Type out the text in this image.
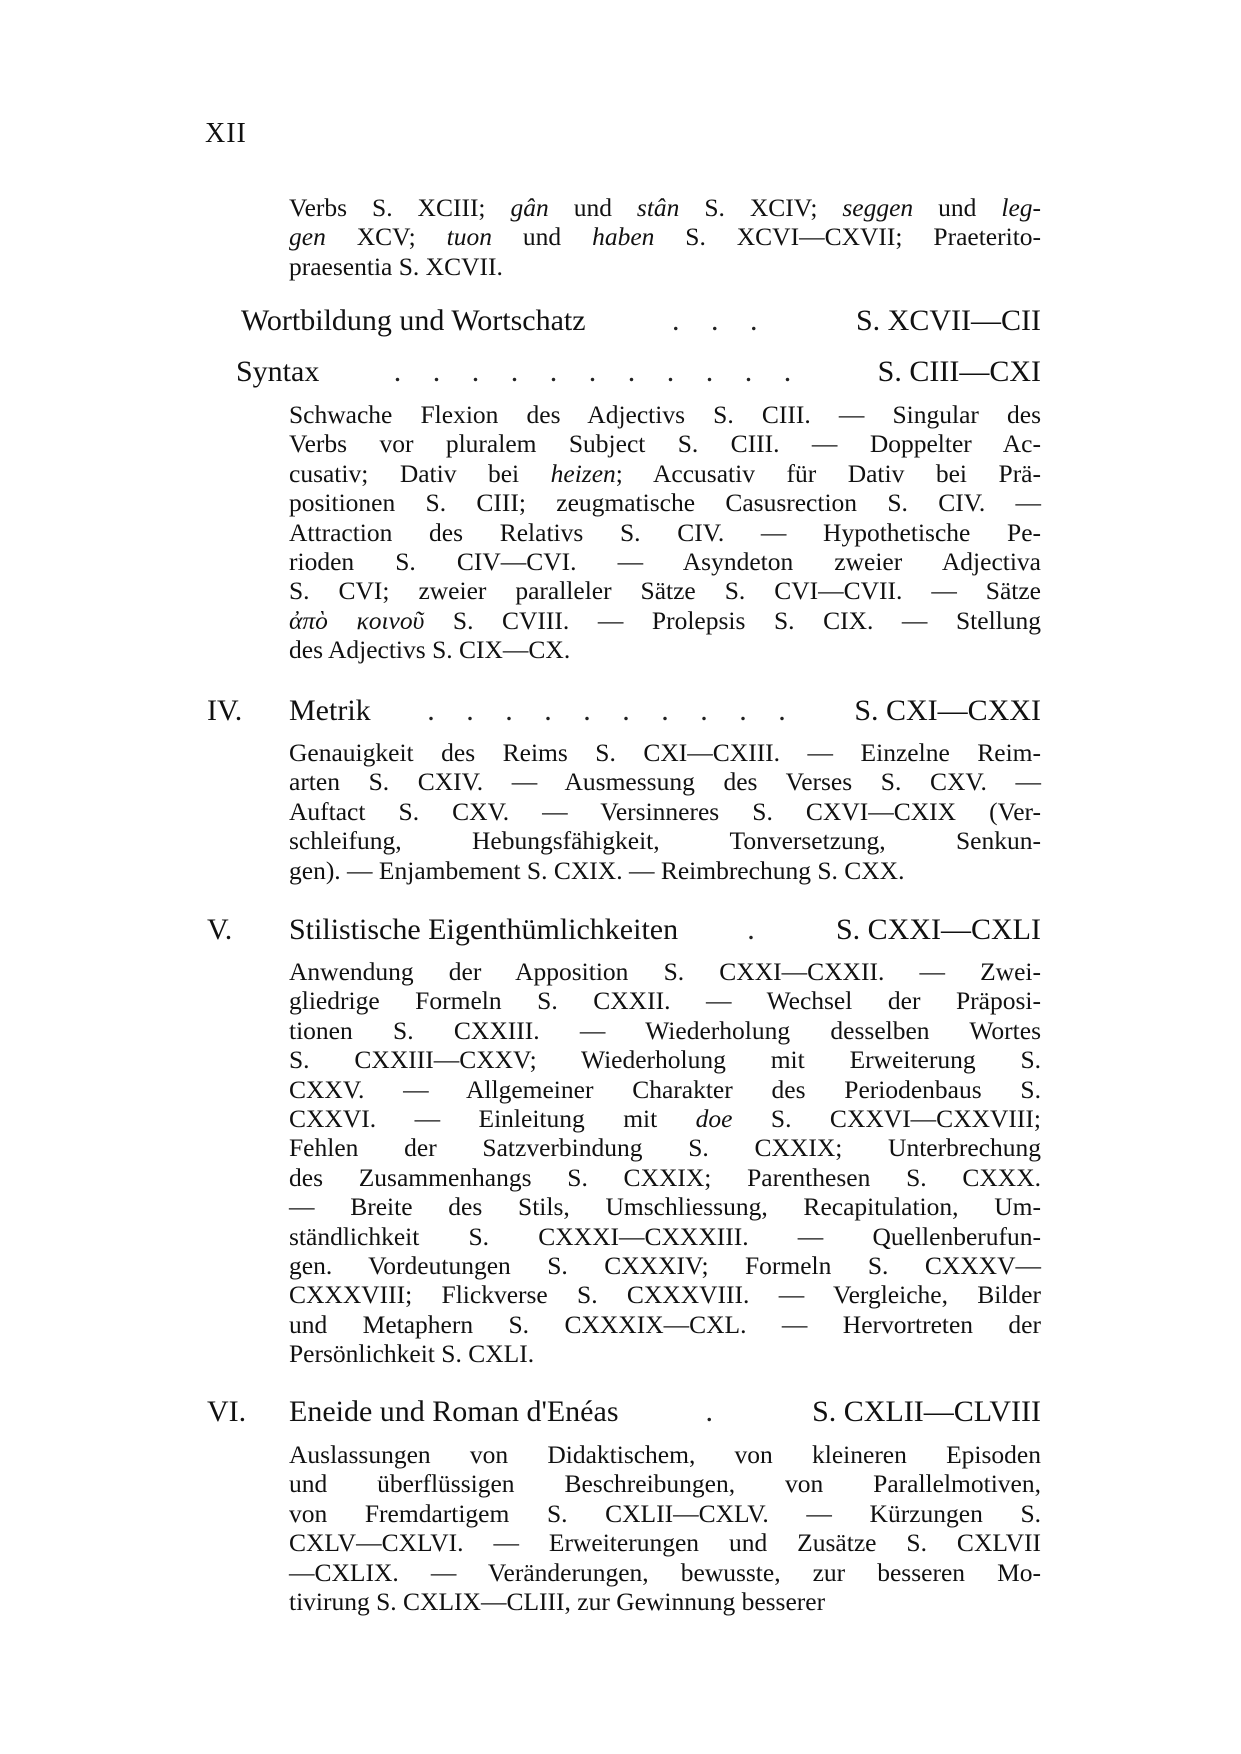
XII
Verbs S. XCIII; gân und stân S. XCIV; seggen und leg-
gen XCV; tuon und haben S. XCVI—CXVII; Praeterito-
praesentia S. XCVII.
Wortbildung und Wortschatz	. . .	S. XCVII—CII
Syntax	. . . . . . . . . . .	S. CIII—CXI
Schwache Flexion des Adjectivs S. CIII. — Singular des
Verbs vor pluralem Subject S. CIII. — Doppelter Ac-
cusativ; Dativ bei heizen; Accusativ für Dativ bei Prä-
positionen S. CIII; zeugmatische Casusrection S. CIV. —
Attraction des Relativs S. CIV. — Hypothetische Pe-
rioden S. CIV—CVI. — Asyndeton zweier Adjectiva
S. CVI; zweier paralleler Sätze S. CVI—CVII. — Sätze
ἀπὸ κοινοῦ S. CVIII. — Prolepsis S. CIX. — Stellung
des Adjectivs S. CIX—CX.
IV. Metrik	. . . . . . . . . .	S. CXI—CXXI
Genauigkeit des Reims S. CXI—CXIII. — Einzelne Reim-
arten S. CXIV. — Ausmessung des Verses S. CXV. —
Auftact S. CXV. — Versinneres S. CXVI—CXIX (Ver-
schleifung, Hebungsfähigkeit, Tonversetzung, Senkun-
gen). — Enjambement S. CXIX. — Reimbrechung S. CXX.
V. Stilistische Eigenthümlichkeiten	.	S. CXXI—CXLI
Anwendung der Apposition S. CXXI—CXXII. — Zwei-
gliedrige Formeln S. CXXII. — Wechsel der Präposi-
tionen S. CXXIII. — Wiederholung desselben Wortes
S. CXXIII—CXXV; Wiederholung mit Erweiterung S.
CXXV. — Allgemeiner Charakter des Periodenbaus S.
CXXVI. — Einleitung mit doe S. CXXVI—CXXVIII;
Fehlen der Satzverbindung S. CXXIX; Unterbrechung
des Zusammenhangs S. CXXIX; Parenthesen S. CXXX.
— Breite des Stils, Umschliessung, Recapitulation, Um-
ständlichkeit S. CXXXI—CXXXIII. — Quellenberufun-
gen. Vordeutungen S. CXXXIV; Formeln S. CXXXV—
CXXXVIII; Flickverse S. CXXXVIII. — Vergleiche, Bilder
und Metaphern S. CXXXIX—CXL. — Hervortreten der
Persönlichkeit S. CXLI.
VI. Eneide und Roman d'Enéas	.	S. CXLII—CLVIII
Auslassungen von Didaktischem, von kleineren Episoden
und überflüssigen Beschreibungen, von Parallelmotiven,
von Fremdartigem S. CXLII—CXLV. — Kürzungen S.
CXLV—CXLVI. — Erweiterungen und Zusätze S. CXLVII
—CXLIX. — Veränderungen, bewusste, zur besseren Mo-
tivirung S. CXLIX—CLIII, zur Gewinnung besserer
